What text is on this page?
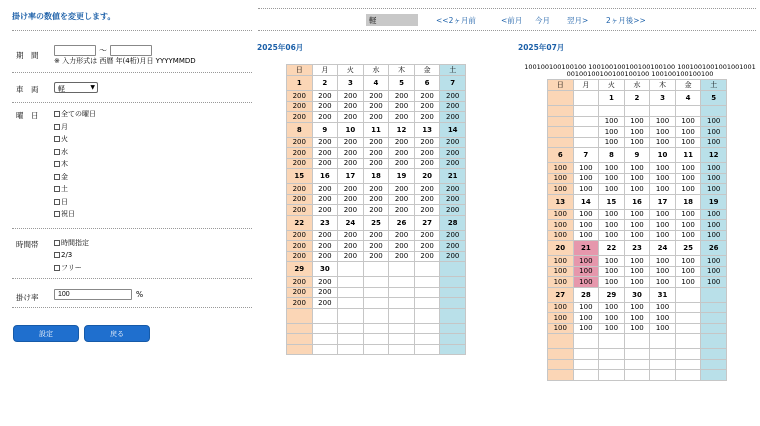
掛け率の数値を変更します。
期　間
～
※ 入力形式は 西暦 年(4桁)月日 YYYYMMDD
車　両	軽	▼
曜　日	全ての曜日
月
火
水
木
金
土
日
祝日
時間帯	時間指定
2/3
フリー
掛け率
100	%
設定	戻る
軽	<<2ヶ月前	<前月 今月 翌月> 2ヶ月後>>
2025年06月	2025年07月
日	月	火	水	木	金	土
1	2	3	4	5	6	7
200	200	200	200	200	200	200
200	200	200	200	200	200	200
200	200	200	200	200	200	200
8	9	10	11	12	13	14
200	200	200	200	200	200	200
200	200	200	200	200	200	200
200	200	200	200	200	200	200
15	16	17	18	19	20	21
200	200	200	200	200	200	200
200	200	200	200	200	200	200
200	200	200	200	200	200	200
22	23	24	25	26	27	28
200	200	200	200	200	200	200
200	200	200	200	200	200	200
200	200	200	200	200	200	200
29	30					
200	200					
200	200					
200	200					

100100100100100 100100100100100100100 100100100100100100100100100100100100100 100100100100100
日	月	火	水	木	金	土
		1	2	3	4	5

		100	100	100	100	100
		100	100	100	100	100
		100	100	100	100	100
6	7	8	9	10	11	12
100	100	100	100	100	100	100
100	100	100	100	100	100	100
100	100	100	100	100	100	100
13	14	15	16	17	18	19
100	100	100	100	100	100	100
100	100	100	100	100	100	100
100	100	100	100	100	100	100
20	21	22	23	24	25	26
100	100	100	100	100	100	100
100	100	100	100	100	100	100
100	100	100	100	100	100	100
27	28	29	30	31		
100	100	100	100	100		
100	100	100	100	100		
100	100	100	100	100		
